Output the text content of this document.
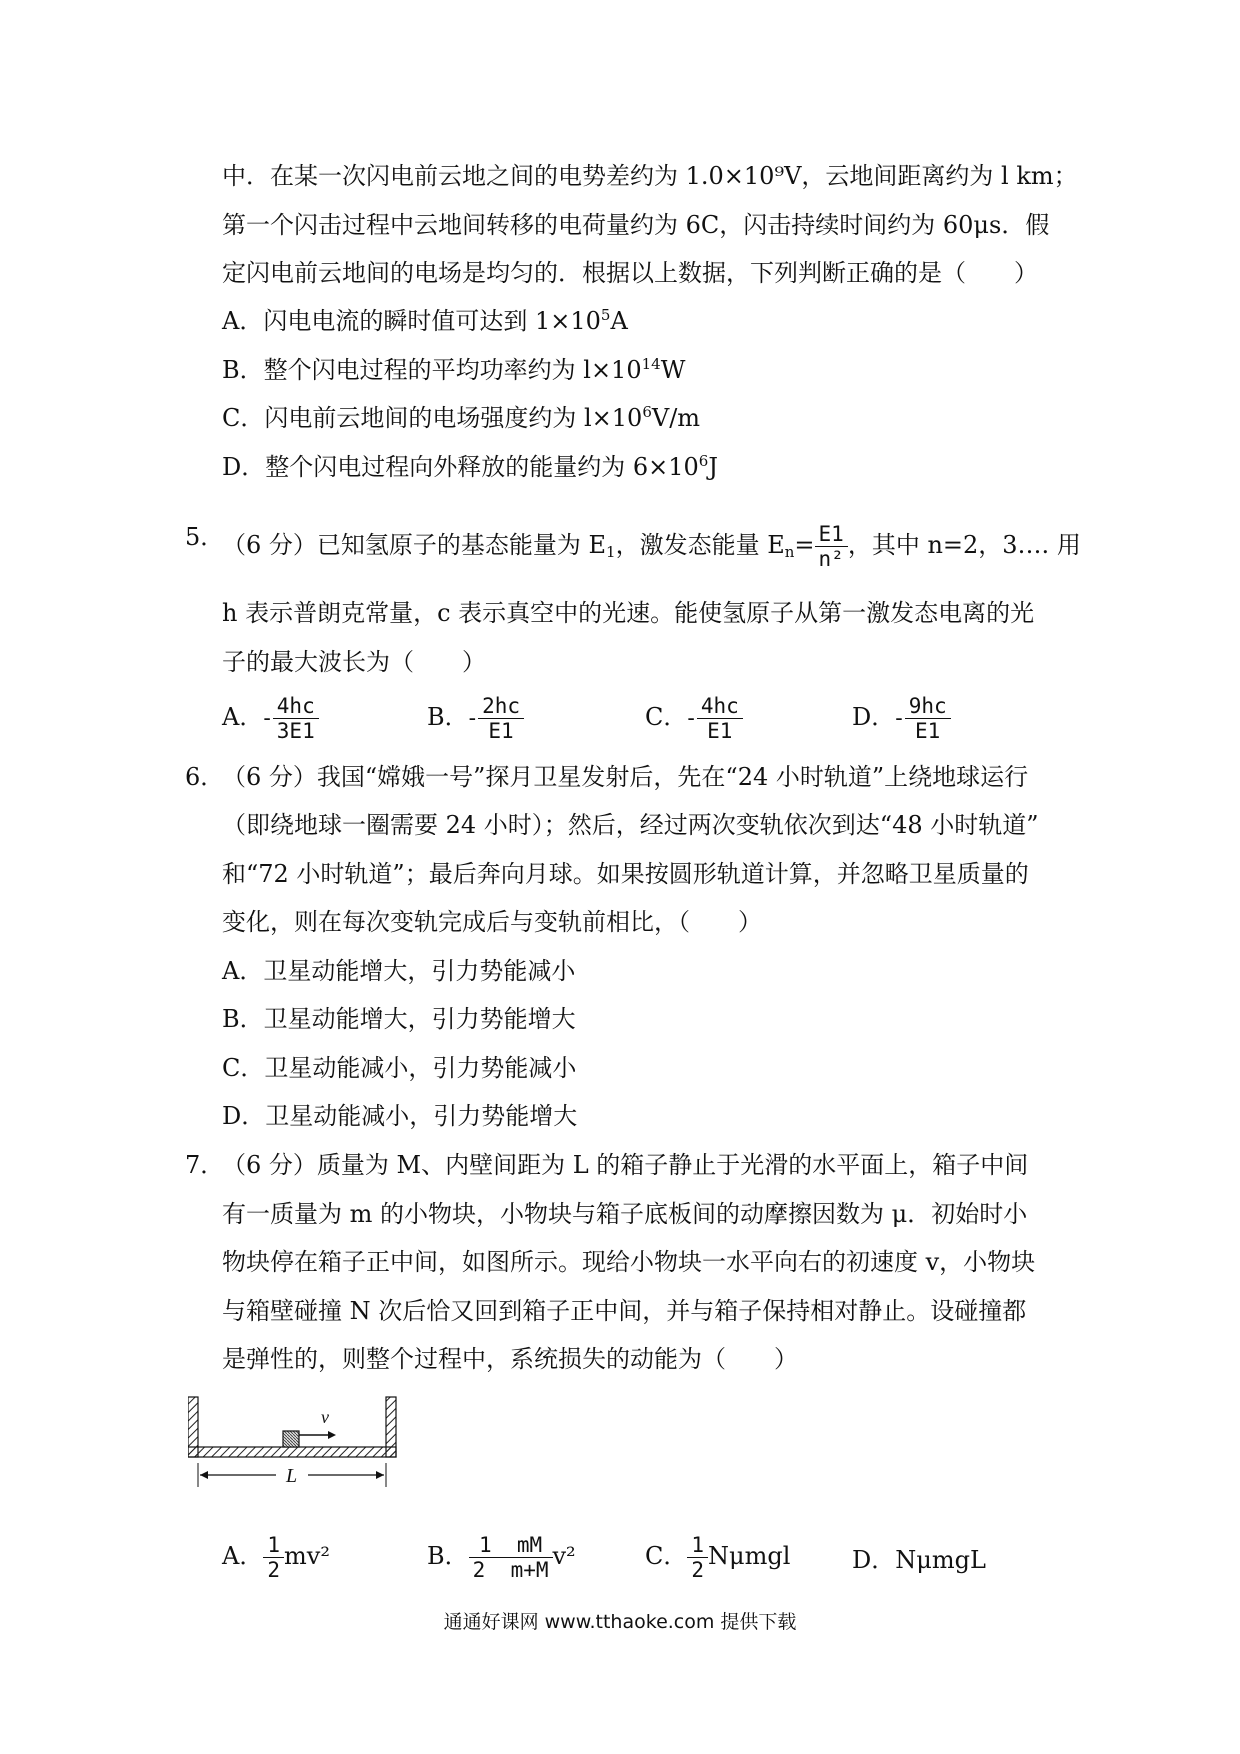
中．在某一次闪电前云地之间的电势差约为 1.0×10⁹V，云地间距离约为 l km；
第一个闪击过程中云地间转移的电荷量约为 6C，闪击持续时间约为 60μs．假
定闪电前云地间的电场是均匀的．根据以上数据，下列判断正确的是（　　）
A．闪电电流的瞬时值可达到 $1\times 10^5A$
B．整个闪电过程的平均功率约为 $l\times 10^{14}W$
C．闪电前云地间的电场强度约为 $l\times 10^6V/m$
D．整个闪电过程向外释放的能量约为 $6\times 10^6J$
5．
（6 分）已知氢原子的基态能量为 $E_1$，激发态能量 $E_n= \frac{E1}{\text{n²}}$ ，其中 n=2，3…. 用
h 表示普朗克常量，c 表示真空中的光速。能使氢原子从第一激发态电离的光
子的最大波长为（　　）
A．- $\frac{4hc}{3E1}$	B．- $\frac{2hc}{E1}$	C．- $\frac{4hc}{E1}$	D．- $\frac{9hc}{E1}$
6．
（6 分）我国“嫦娥一号”探月卫星发射后，先在“24 小时轨道”上绕地球运行
（即绕地球一圈需要 24 小时）；然后，经过两次变轨依次到达“48 小时轨道”
和“72 小时轨道”；最后奔向月球。如果按圆形轨道计算，并忽略卫星质量的
变化，则在每次变轨完成后与变轨前相比，（　　）
A．卫星动能增大，引力势能减小
B．卫星动能增大，引力势能增大
C．卫星动能减小，引力势能减小
D．卫星动能减小，引力势能增大
7．
（6 分）质量为 M、内壁间距为 L 的箱子静止于光滑的水平面上，箱子中间
有一质量为 m 的小物块，小物块与箱子底板间的动摩擦因数为 μ．初始时小
物块停在箱子正中间，如图所示。现给小物块一水平向右的初速度 v，小物块
与箱壁碰撞 N 次后恰又回到箱子正中间，并与箱子保持相对静止。设碰撞都
是弹性的，则整个过程中，系统损失的动能为（　　）
v
L
A． $\frac{1}{2} mv^2$	B． $\frac{1 mM}{2 m+M} v^2$	C． $\frac{1}{2}$ Nμmgl	D．NμmgL
通通好课网 www.tthaoke.com 提供下载
